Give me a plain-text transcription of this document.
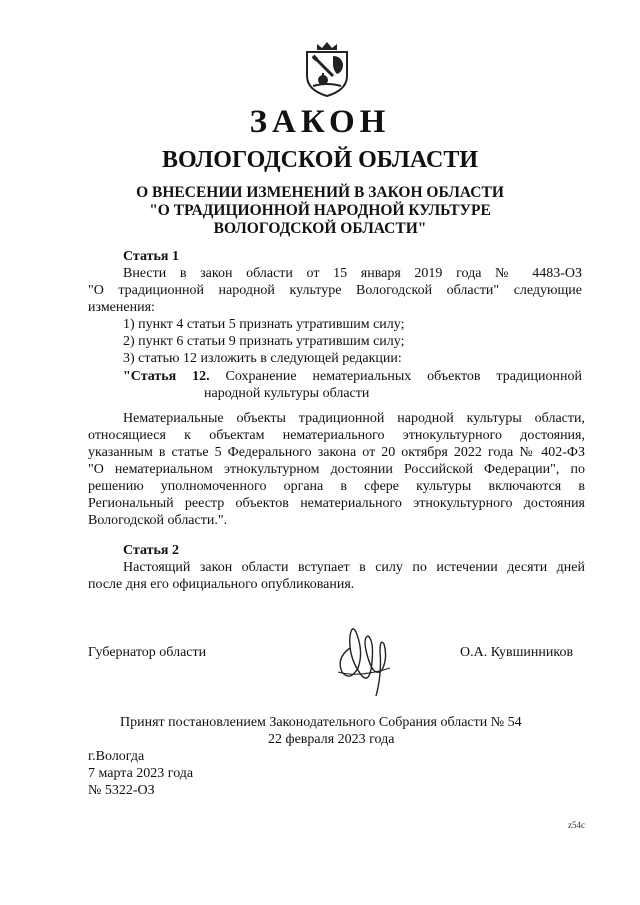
ЗАКОН
ВОЛОГОДСКОЙ ОБЛАСТИ
О ВНЕСЕНИИ ИЗМЕНЕНИЙ В ЗАКОН ОБЛАСТИ
"О ТРАДИЦИОННОЙ НАРОДНОЙ КУЛЬТУРЕ
ВОЛОГОДСКОЙ ОБЛАСТИ"
Статья 1
Внести в закон области от 15 января 2019 года № 4483-ОЗ
"О традиционной народной культуре Вологодской области" следующие
изменения:
1) пункт 4 статьи 5 признать утратившим силу;
2) пункт 6 статьи 9 признать утратившим силу;
3) статью 12 изложить в следующей редакции:
"Статья 12. Сохранение нематериальных объектов традиционной
народной культуры области
Нематериальные объекты традиционной народной культуры области,
относящиеся к объектам нематериального этнокультурного достояния,
указанным в статье 5 Федерального закона от 20 октября 2022 года № 402-ФЗ
"О нематериальном этнокультурном достоянии Российской Федерации", по
решению уполномоченного органа в сфере культуры включаются в
Региональный реестр объектов нематериального этнокультурного достояния
Вологодской области.".
Статья 2
Настоящий закон области вступает в силу по истечении десяти дней
после дня его официального опубликования.
Губернатор области	О.А. Кувшинников
Принят постановлением Законодательного Собрания области № 54
22 февраля 2023 года
г.Вологда
7 марта 2023 года
№ 5322-ОЗ
z54c
